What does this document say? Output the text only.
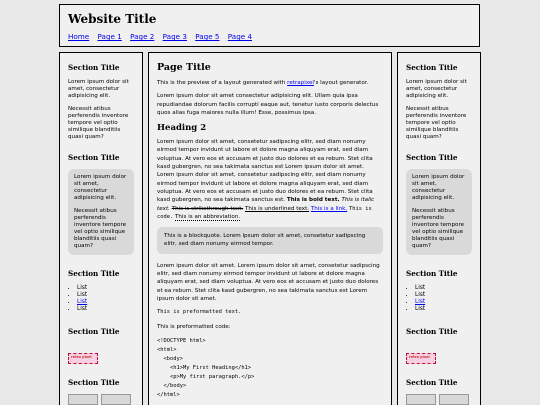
Website Title
Home Page 1 Page 2 Page 3 Page 5 Page 4
Section Title

Lorem ipsum dolor sit amet, consectetur adipisicing elit.

Necessit atibus perferendis inventore tempore vel optio similique blanditiis quasi quam?

Section Title

Lorem ipsum dolor sit amet, consectetur adipisicing elit.

Necessit atibus perferendis inventore tempore vel optio similique blanditiis quasi quam?

Section Title
• List
• List
• List
• List
Section Title
retro pixel
Section Title
Page Title

This is the preview of a layout generated with retrapixel's layout generator.

Lorem ipsum dolor sit amet consectetur adipisicing elit. Ullam quia ipsa repudiandae dolorum facilis corrupti eaque aut, tenetur iusto corporis delectus quos alias fuga maiores nulla illum! Esse, possimus ipsa.

Heading 2

Lorem ipsum dolor sit amet, consetetur sadipscing elitr, sed diam nonumy eirmod tempor invidunt ut labore et dolore magna aliquyam erat, sed diam voluptua. At vero eos et accusam et justo duo dolores et ea rebum. Stet clita kasd gubergren, no sea takimata sanctus est Lorem ipsum dolor sit amet. Lorem ipsum dolor sit amet, consetetur sadipscing elitr, sed diam nonumy eirmod tempor invidunt ut labore et dolore magna aliquyam erat, sed diam voluptua. At vero eos et accusam et justo duo dolores et ea rebum. Stet clita kasd gubergren, no sea takimata sanctus est. This is bold text. This is italic text. This is strikethrough text. This is underlined text. This is a link. This is code. This is an abbreviation.

This is a blockquote. Lorem ipsum dolor sit amet, consetetur sadipscing elitr, sed diam nonumy eirmod tempor.

Lorem ipsum dolor sit amet. Lorem ipsum dolor sit amet, consetetur sadipscing elitr, sed diam nonumy eirmod tempor invidunt ut labore et dolore magna aliquyam erat, sed diam voluptua. At vero eos et accusam et justo duo dolores et ea rebum. Stet clita kasd gubergren, no sea takimata sanctus est Lorem ipsum dolor sit amet.

This is preformatted text.

This is preformatted code:

<!DOCTYPE html>
<html>
<body>
<h1>My First Heading</h1>
<p>My first paragraph.</p>
</body>
</html>
Section Title

Lorem ipsum dolor sit amet, consectetur adipisicing elit.

Necessit atibus perferendis inventore tempore vel optio similique blanditiis quasi quam?

Section Title

Lorem ipsum dolor sit amet, consectetur adipisicing elit.

Necessit atibus perferendis inventore tempore vel optio similique blanditiis quasi quam?

Section Title
• List
• List
• List
• List
Section Title
retro pixel
Section Title
